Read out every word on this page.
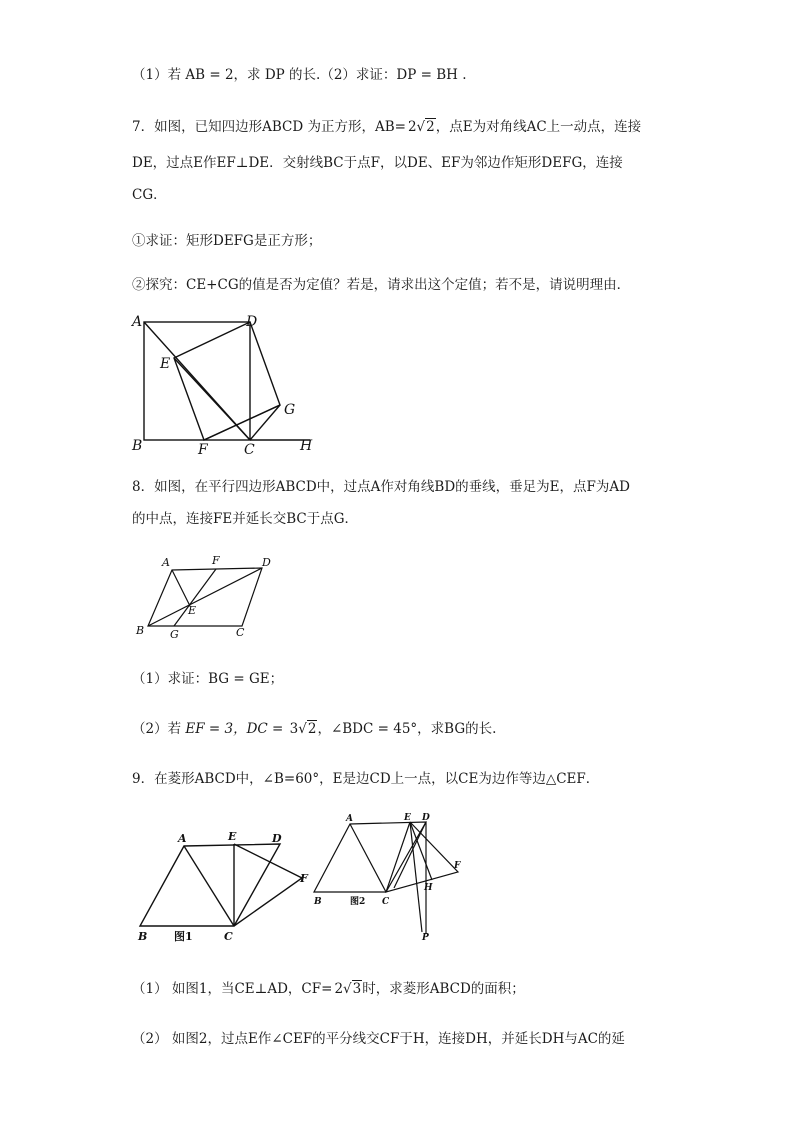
（1）若 AB = 2，求 DP 的长.（2）求证：DP = BH .
7．如图，已知四边形ABCD 为正方形，AB= 2√2，点E为对角线AC上一动点，连接
DE，过点E作EF⊥DE．交射线BC于点F，以DE、EF为邻边作矩形DEFG，连接
CG．
①求证：矩形DEFG是正方形；
②探究：CE+CG的值是否为定值？若是，请求出这个定值；若不是，请说明理由．
A	D
E
G
B	F	C	H
8．如图，在平行四边形ABCD中，过点A作对角线BD的垂线，垂足为E，点F为AD
的中点，连接FE并延长交BC于点G．
A	F	D
E
B G	C
（1）求证：BG = GE；
（2）若 EF = 3，DC = 3√2，∠BDC = 45°，求BG的长.
9．在菱形ABCD中，∠B=60°，E是边CD上一点，以CE为边作等边△CEF．
A	E	D
F
B 图1	C
A	E D
F
H
B	图2 C
P
（1） 如图1，当CE⊥AD，CF= 2√3时，求菱形ABCD的面积；
（2） 如图2，过点E作∠CEF的平分线交CF于H，连接DH，并延长DH与AC的延
